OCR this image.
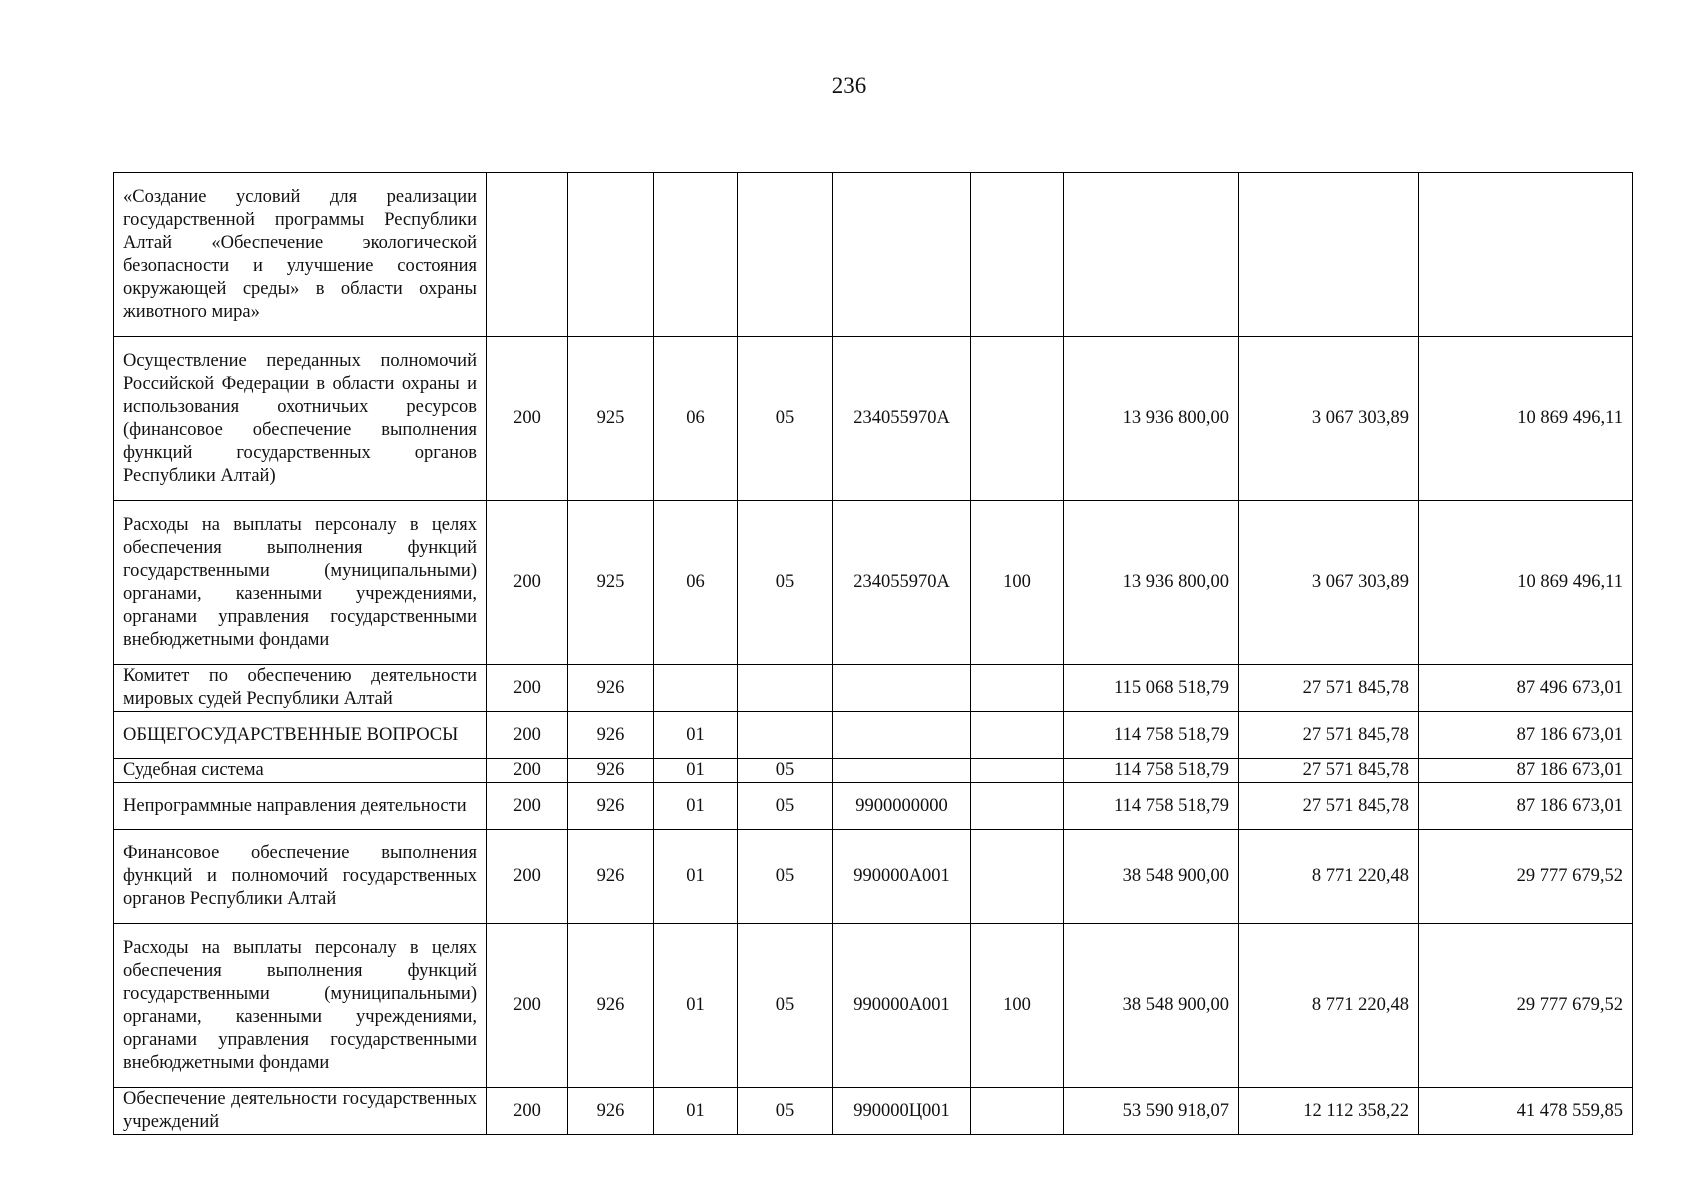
236
«Создание условий для реализации государственной программы Республики Алтай «Обеспечение экологической безопасности и улучшение состояния окружающей среды» в области охраны животного мира»									
Осуществление переданных полномочий Российской Федерации в области охраны и использования охотничьих ресурсов (финансовое обеспечение выполнения функций государственных органов Республики Алтай)	200	925	06	05	234055970А		13 936 800,00	3 067 303,89	10 869 496,11
Расходы на выплаты персоналу в целях обеспечения выполнения функций государственными (муниципальными) органами, казенными учреждениями, органами управления государственными внебюджетными фондами	200	925	06	05	234055970А	100	13 936 800,00	3 067 303,89	10 869 496,11
Комитет по обеспечению деятельности мировых судей Республики Алтай	200	926					115 068 518,79	27 571 845,78	87 496 673,01
ОБЩЕГОСУДАРСТВЕННЫЕ ВОПРОСЫ	200	926	01				114 758 518,79	27 571 845,78	87 186 673,01
Судебная система	200	926	01	05			114 758 518,79	27 571 845,78	87 186 673,01
Непрограммные направления деятельности	200	926	01	05	9900000000		114 758 518,79	27 571 845,78	87 186 673,01
Финансовое обеспечение выполнения функций и полномочий государственных органов Республики Алтай	200	926	01	05	990000А001		38 548 900,00	8 771 220,48	29 777 679,52
Расходы на выплаты персоналу в целях обеспечения выполнения функций государственными (муниципальными) органами, казенными учреждениями, органами управления государственными внебюджетными фондами	200	926	01	05	990000А001	100	38 548 900,00	8 771 220,48	29 777 679,52
Обеспечение деятельности государственных учреждений	200	926	01	05	990000Ц001		53 590 918,07	12 112 358,22	41 478 559,85
